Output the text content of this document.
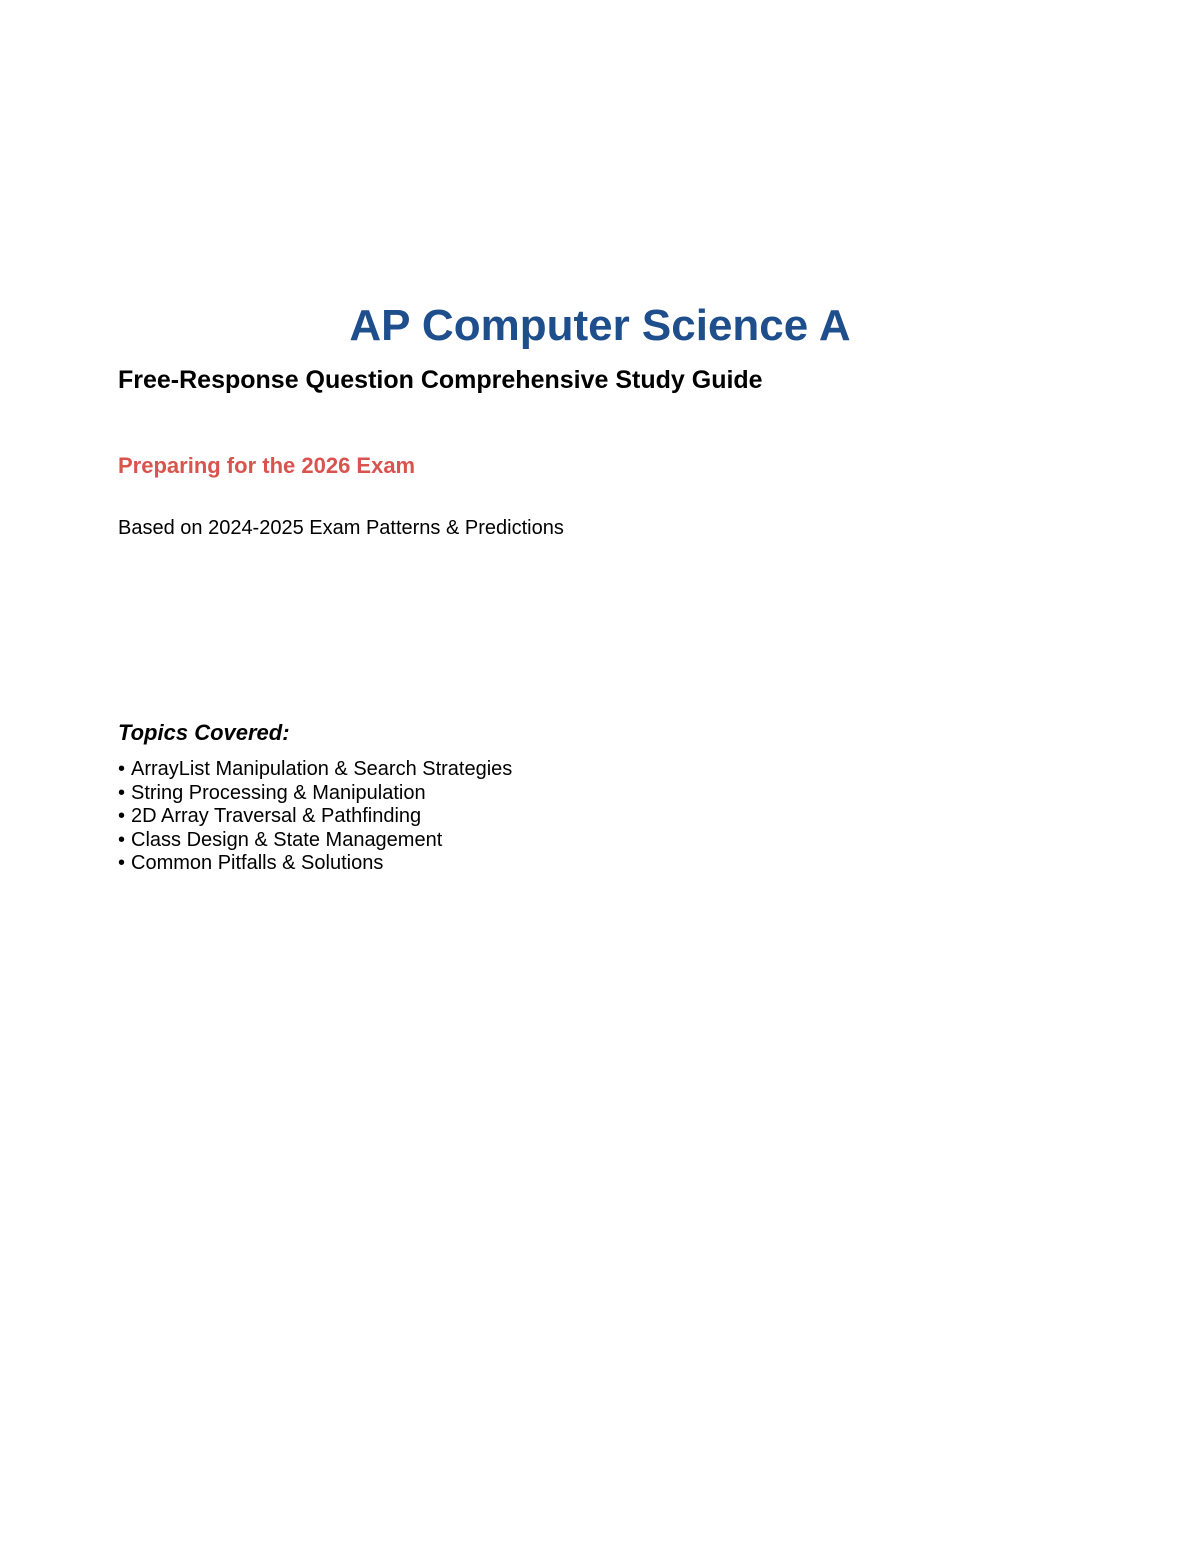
AP Computer Science A
Free-Response Question Comprehensive Study Guide

Preparing for the 2026 Exam

Based on 2024-2025 Exam Patterns & Predictions

Topics Covered:

• ArrayList Manipulation & Search Strategies
• String Processing & Manipulation
• 2D Array Traversal & Pathfinding
• Class Design & State Management
• Common Pitfalls & Solutions
